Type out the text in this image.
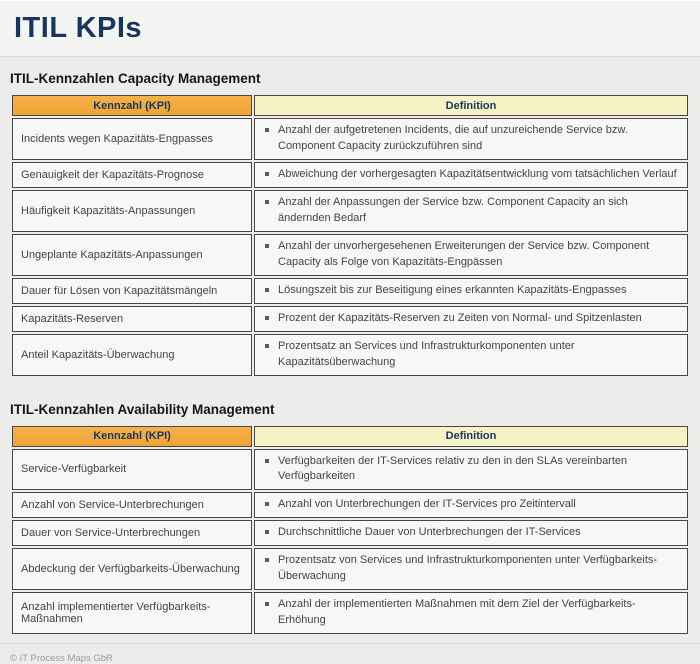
ITIL KPIs
ITIL-Kennzahlen Capacity Management
Kennzahl (KPI)	Definition
Incidents wegen Kapazitäts-Engpasses	Anzahl der aufgetretenen Incidents, die auf unzureichende Service bzw. Component Capacity zurückzuführen sind

Genauigkeit der Kapazitäts-Prognose	Abweichung der vorhergesagten Kapazitätsentwicklung vom tatsächlichen Verlauf

Häufigkeit Kapazitäts-Anpassungen	Anzahl der Anpassungen der Service bzw. Component Capacity an sich ändernden Bedarf

Ungeplante Kapazitäts-Anpassungen	Anzahl der unvorhergesehenen Erweiterungen der Service bzw. Component Capacity als Folge von Kapazitäts-Engpässen

Dauer für Lösen von Kapazitätsmängeln	Lösungszeit bis zur Beseitigung eines erkannten Kapazitäts-Engpasses

Kapazitäts-Reserven	Prozent der Kapazitäts-Reserven zu Zeiten von Normal- und Spitzenlasten

Anteil Kapazitäts-Überwachung	Prozentsatz an Services und Infrastrukturkomponenten unter Kapazitätsüberwachung
ITIL-Kennzahlen Availability Management
Kennzahl (KPI)	Definition
Service-Verfügbarkeit	Verfügbarkeiten der IT-Services relativ zu den in den SLAs vereinbarten Verfügbarkeiten

Anzahl von Service-Unterbrechungen	Anzahl von Unterbrechungen der IT-Services pro Zeitintervall

Dauer von Service-Unterbrechungen	Durchschnittliche Dauer von Unterbrechungen der IT-Services

Abdeckung der Verfügbarkeits-Überwachung	Prozentsatz von Services und Infrastrukturkomponenten unter Verfügbarkeits-Überwachung

Anzahl implementierter Verfügbarkeits-Maßnahmen	Anzahl der implementierten Maßnahmen mit dem Ziel der Verfügbarkeits-Erhöhung
© IT Process Maps GbR
